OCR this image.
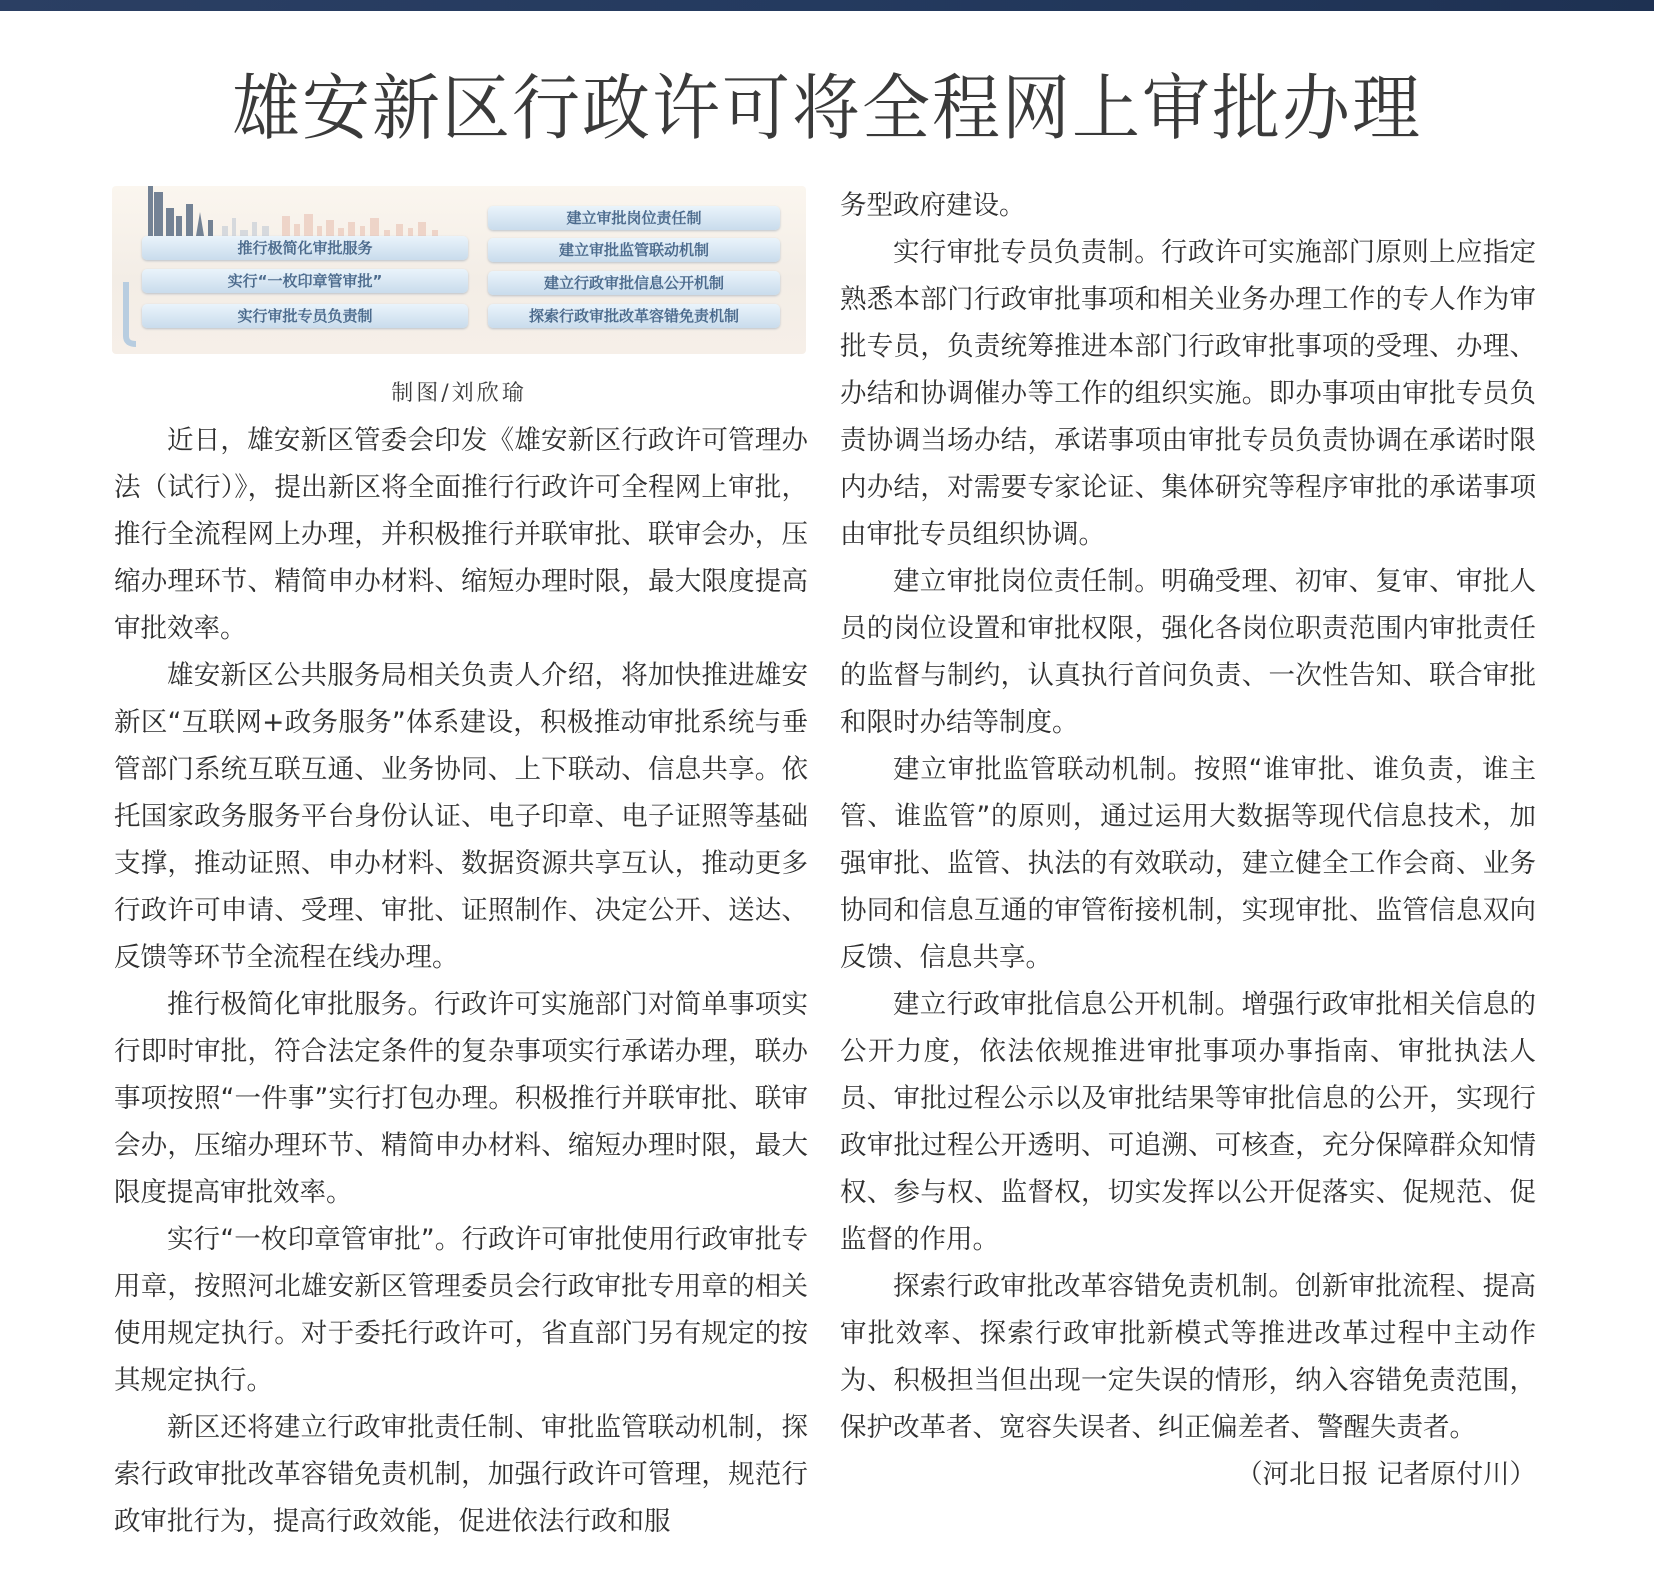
雄安新区行政许可将全程网上审批办理
推行极简化审批服务
实行“一枚印章管审批”
实行审批专员负责制
建立审批岗位责任制
建立审批监管联动机制
建立行政审批信息公开机制
探索行政审批改革容错免责机制
制图/刘欣瑜

近日，雄安新区管委会印发《雄安新区行政许可管理办法（试行）》，提出新区将全面推行行政许可全程网上审批，推行全流程网上办理，并积极推行并联审批、联审会办，压缩办理环节、精简申办材料、缩短办理时限，最大限度提高审批效率。

雄安新区公共服务局相关负责人介绍，将加快推进雄安新区“互联网+政务服务”体系建设，积极推动审批系统与垂管部门系统互联互通、业务协同、上下联动、信息共享。依托国家政务服务平台身份认证、电子印章、电子证照等基础支撑，推动证照、申办材料、数据资源共享互认，推动更多行政许可申请、受理、审批、证照制作、决定公开、送达、反馈等环节全流程在线办理。

推行极简化审批服务。行政许可实施部门对简单事项实行即时审批，符合法定条件的复杂事项实行承诺办理，联办事项按照“一件事”实行打包办理。积极推行并联审批、联审会办，压缩办理环节、精简申办材料、缩短办理时限，最大限度提高审批效率。

实行“一枚印章管审批”。行政许可审批使用行政审批专用章，按照河北雄安新区管理委员会行政审批专用章的相关使用规定执行。对于委托行政许可，省直部门另有规定的按其规定执行。

新区还将建立行政审批责任制、审批监管联动机制，探索行政审批改革容错免责机制，加强行政许可管理，规范行政审批行为，提高行政效能，促进依法行政和服

务型政府建设。

实行审批专员负责制。行政许可实施部门原则上应指定熟悉本部门行政审批事项和相关业务办理工作的专人作为审批专员，负责统筹推进本部门行政审批事项的受理、办理、办结和协调催办等工作的组织实施。即办事项由审批专员负责协调当场办结，承诺事项由审批专员负责协调在承诺时限内办结，对需要专家论证、集体研究等程序审批的承诺事项由审批专员组织协调。

建立审批岗位责任制。明确受理、初审、复审、审批人员的岗位设置和审批权限，强化各岗位职责范围内审批责任的监督与制约，认真执行首问负责、一次性告知、联合审批和限时办结等制度。

建立审批监管联动机制。按照“谁审批、谁负责，谁主管、谁监管”的原则，通过运用大数据等现代信息技术，加强审批、监管、执法的有效联动，建立健全工作会商、业务协同和信息互通的审管衔接机制，实现审批、监管信息双向反馈、信息共享。

建立行政审批信息公开机制。增强行政审批相关信息的公开力度，依法依规推进审批事项办事指南、审批执法人员、审批过程公示以及审批结果等审批信息的公开，实现行政审批过程公开透明、可追溯、可核查，充分保障群众知情权、参与权、监督权，切实发挥以公开促落实、促规范、促监督的作用。

探索行政审批改革容错免责机制。创新审批流程、提高审批效率、探索行政审批新模式等推进改革过程中主动作为、积极担当但出现一定失误的情形，纳入容错免责范围，保护改革者、宽容失误者、纠正偏差者、警醒失责者。

（河北日报 记者原付川）
